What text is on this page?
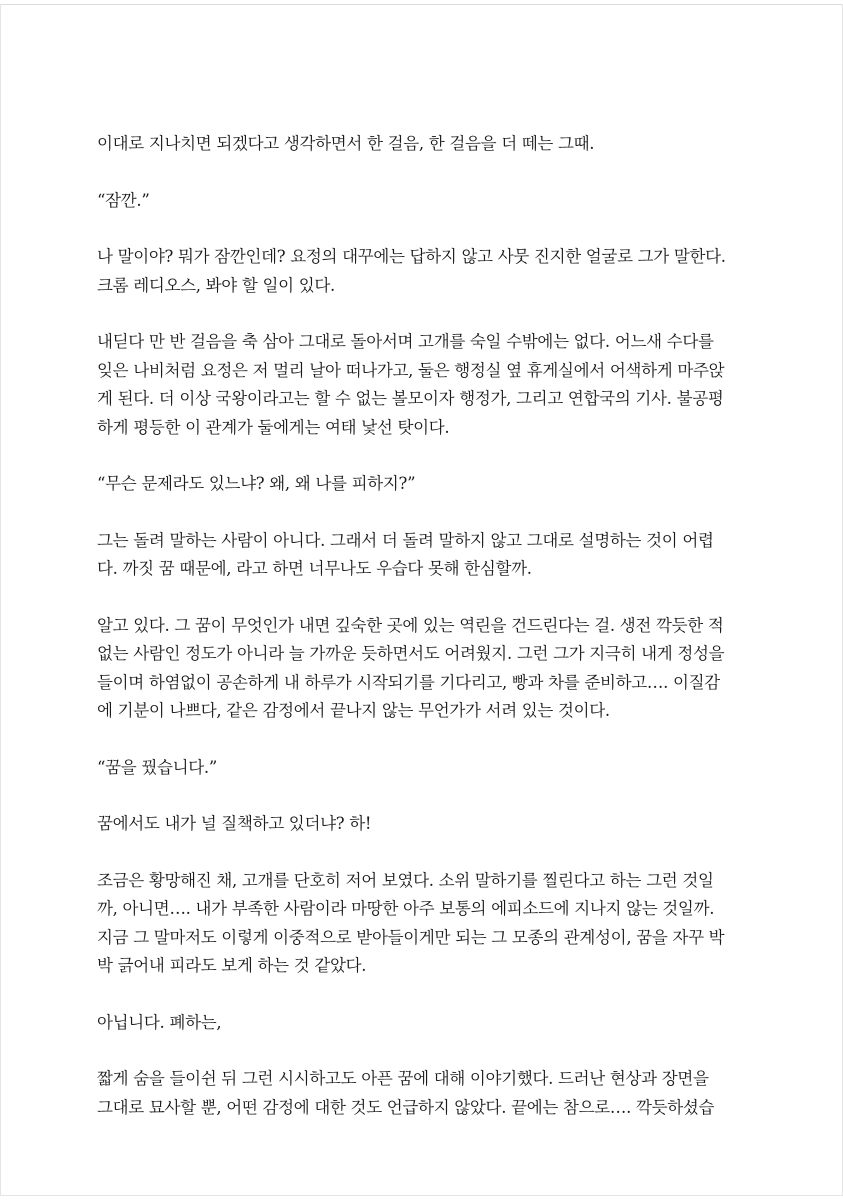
이대로 지나치면 되겠다고 생각하면서 한 걸음, 한 걸음을 더 떼는 그때.

“잠깐.”

나 말이야? 뭐가 잠깐인데? 요정의 대꾸에는 답하지 않고 사뭇 진지한 얼굴로 그가 말한다.
크롬 레디오스, 봐야 할 일이 있다.

내딛다 만 반 걸음을 축 삼아 그대로 돌아서며 고개를 숙일 수밖에는 없다. 어느새 수다를
잊은 나비처럼 요정은 저 멀리 날아 떠나가고, 둘은 행정실 옆 휴게실에서 어색하게 마주앉
게 된다. 더 이상 국왕이라고는 할 수 없는 볼모이자 행정가, 그리고 연합국의 기사. 불공평
하게 평등한 이 관계가 둘에게는 여태 낯선 탓이다.

“무슨 문제라도 있느냐? 왜, 왜 나를 피하지?”

그는 돌려 말하는 사람이 아니다. 그래서 더 돌려 말하지 않고 그대로 설명하는 것이 어렵
다. 까짓 꿈 때문에, 라고 하면 너무나도 우습다 못해 한심할까.

알고 있다. 그 꿈이 무엇인가 내면 깊숙한 곳에 있는 역린을 건드린다는 걸. 생전 깍듯한 적
없는 사람인 정도가 아니라 늘 가까운 듯하면서도 어려웠지. 그런 그가 지극히 내게 정성을
들이며 하염없이 공손하게 내 하루가 시작되기를 기다리고, 빵과 차를 준비하고…. 이질감
에 기분이 나쁘다, 같은 감정에서 끝나지 않는 무언가가 서려 있는 것이다.

“꿈을 꿨습니다.”

꿈에서도 내가 널 질책하고 있더냐? 하!

조금은 황망해진 채, 고개를 단호히 저어 보였다. 소위 말하기를 찔린다고 하는 그런 것일
까, 아니면…. 내가 부족한 사람이라 마땅한 아주 보통의 에피소드에 지나지 않는 것일까.
지금 그 말마저도 이렇게 이중적으로 받아들이게만 되는 그 모종의 관계성이, 꿈을 자꾸 박
박 긁어내 피라도 보게 하는 것 같았다.

아닙니다. 폐하는,

짧게 숨을 들이쉰 뒤 그런 시시하고도 아픈 꿈에 대해 이야기했다. 드러난 현상과 장면을
그대로 묘사할 뿐, 어떤 감정에 대한 것도 언급하지 않았다. 끝에는 참으로…. 깍듯하셨습
